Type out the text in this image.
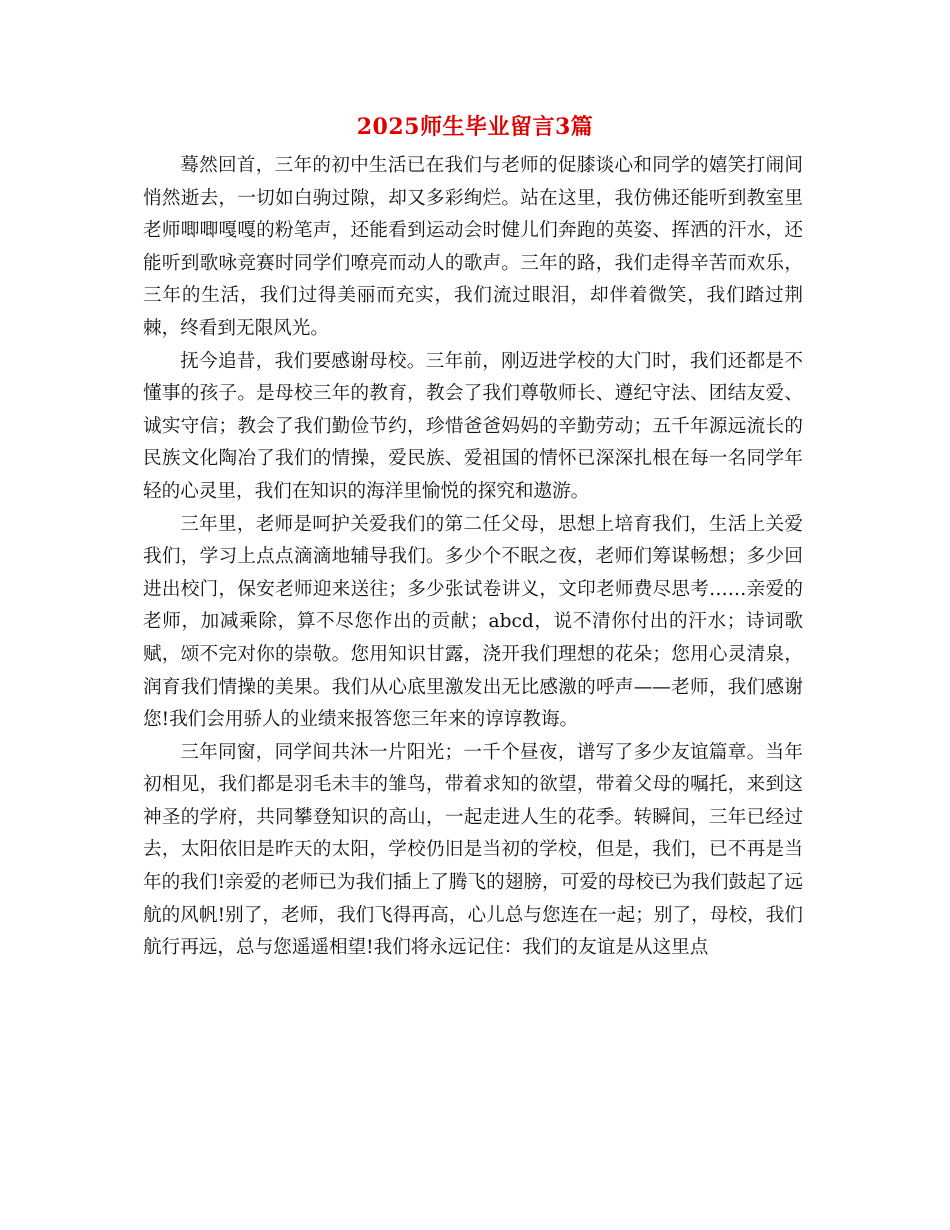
2025师生毕业留言3篇

蓦然回首，三年的初中生活已在我们与老师的促膝谈心和同学的嬉笑打闹间悄然逝去，一切如白驹过隙，却又多彩绚烂。站在这里，我仿佛还能听到教室里老师唧唧嘎嘎的粉笔声，还能看到运动会时健儿们奔跑的英姿、挥洒的汗水，还能听到歌咏竞赛时同学们嘹亮而动人的歌声。三年的路，我们走得辛苦而欢乐，三年的生活，我们过得美丽而充实，我们流过眼泪，却伴着微笑，我们踏过荆棘，终看到无限风光。

抚今追昔，我们要感谢母校。三年前，刚迈进学校的大门时，我们还都是不懂事的孩子。是母校三年的教育，教会了我们尊敬师长、遵纪守法、团结友爱、诚实守信；教会了我们勤俭节约，珍惜爸爸妈妈的辛勤劳动；五千年源远流长的民族文化陶冶了我们的情操，爱民族、爱祖国的情怀已深深扎根在每一名同学年轻的心灵里，我们在知识的海洋里愉悦的探究和遨游。

三年里，老师是呵护关爱我们的第二任父母，思想上培育我们，生活上关爱我们，学习上点点滴滴地辅导我们。多少个不眠之夜，老师们筹谋畅想；多少回进出校门，保安老师迎来送往；多少张试卷讲义，文印老师费尽思考……亲爱的老师，加减乘除，算不尽您作出的贡献；abcd，说不清你付出的汗水；诗词歌赋，颂不完对你的崇敬。您用知识甘露，浇开我们理想的花朵；您用心灵清泉，润育我们情操的美果。我们从心底里激发出无比感激的呼声——老师，我们感谢您!我们会用骄人的业绩来报答您三年来的谆谆教诲。

三年同窗，同学间共沐一片阳光；一千个昼夜，谱写了多少友谊篇章。当年初相见，我们都是羽毛未丰的雏鸟，带着求知的欲望，带着父母的嘱托，来到这神圣的学府，共同攀登知识的高山，一起走进人生的花季。转瞬间，三年已经过去，太阳依旧是昨天的太阳，学校仍旧是当初的学校，但是，我们，已不再是当年的我们!亲爱的老师已为我们插上了腾飞的翅膀，可爱的母校已为我们鼓起了远航的风帆!别了，老师，我们飞得再高，心儿总与您连在一起；别了，母校，我们航行再远，总与您遥遥相望!我们将永远记住：我们的友谊是从这里点
